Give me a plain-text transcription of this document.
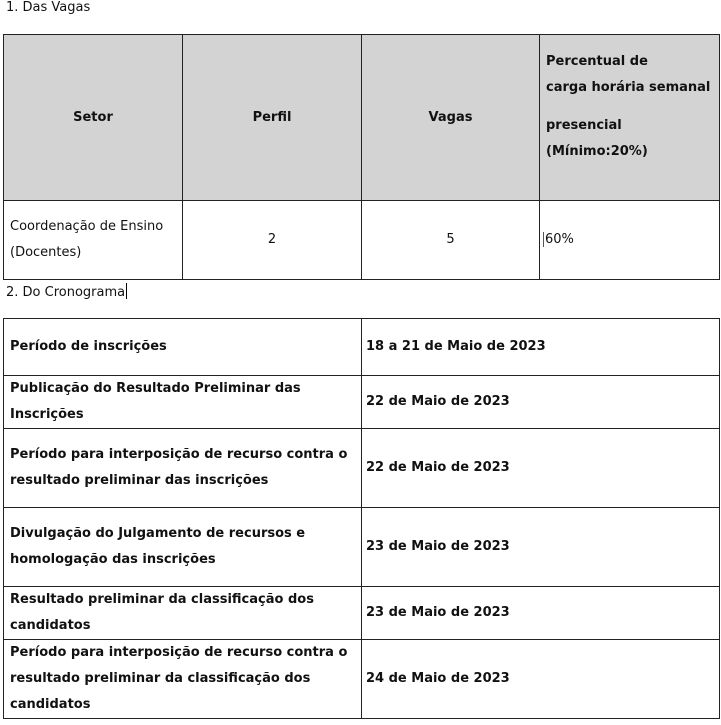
1. Das Vagas
Setor	Perfil	Vagas	Percentual de
carga horária semanal
presencial (Mínimo:20%)

Coordenação de Ensino
(Docentes)	2	5	60%
2. Do Cronograma
Período de inscrições	18 a 21 de Maio de 2023

Publicação do Resultado Preliminar das Inscrições	22 de Maio de 2023

Período para interposição de recurso contra o
resultado preliminar das inscrições	22 de Maio de 2023

Divulgação do Julgamento de recursos e
homologação das inscrições	23 de Maio de 2023

Resultado preliminar da classificação dos candidatos	23 de Maio de 2023

Período para interposição de recurso contra o
resultado preliminar da classificação dos candidatos	24 de Maio de 2023
